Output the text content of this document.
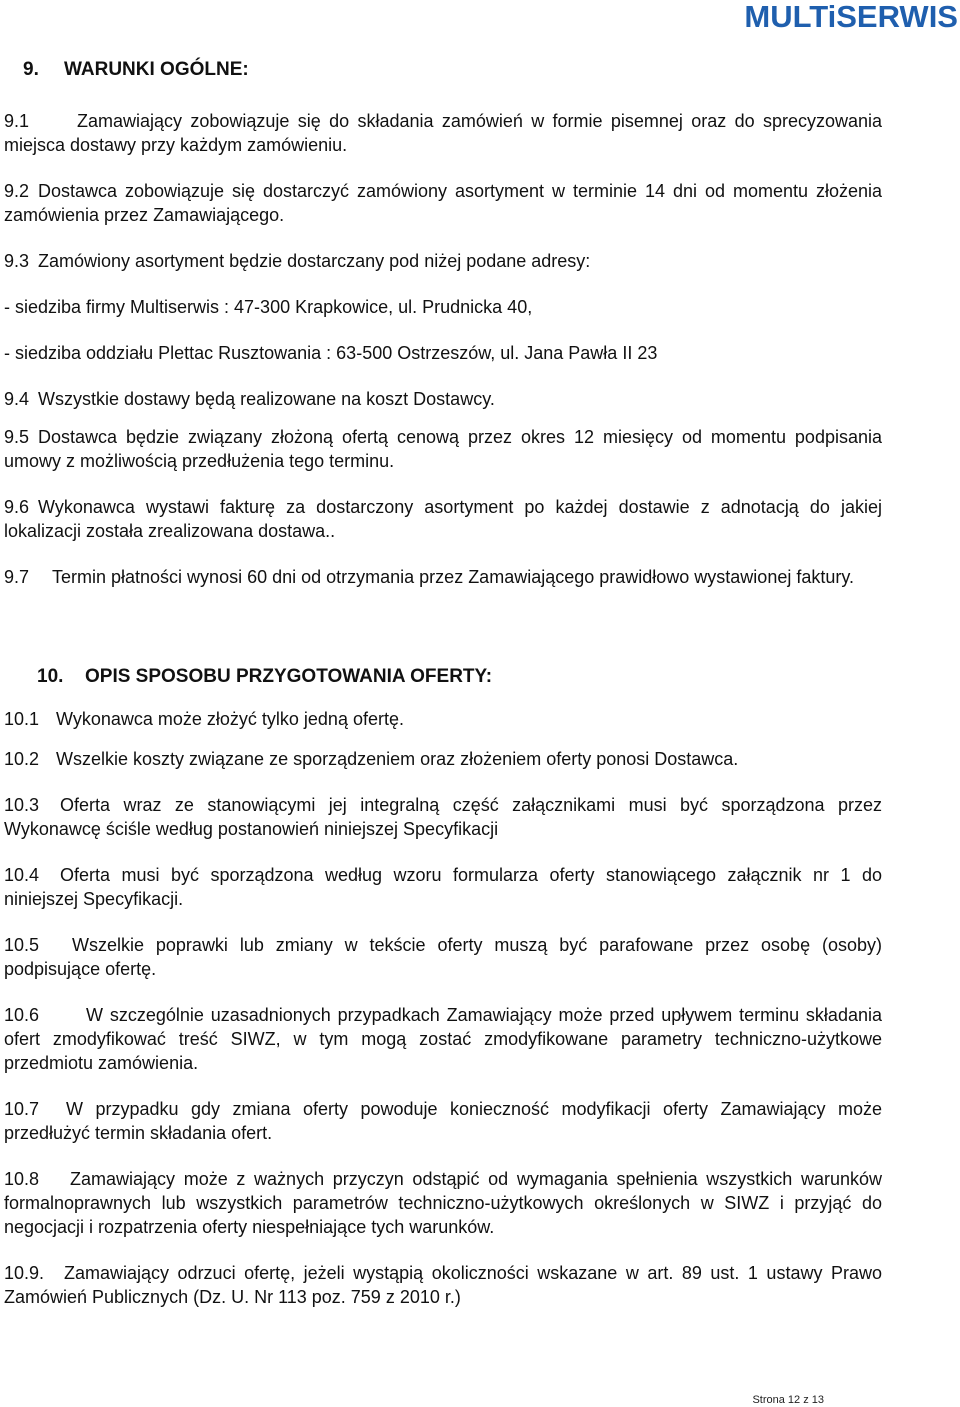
MULTiSERWIS

9. WARUNKI OGÓLNE:

9.1	Zamawiający zobowiązuje się do składania zamówień w formie pisemnej oraz do sprecyzowania miejsca dostawy przy każdym zamówieniu.

9.2 Dostawca zobowiązuje się dostarczyć zamówiony asortyment w terminie 14 dni od momentu złożenia zamówienia przez Zamawiającego.

9.3 Zamówiony asortyment będzie dostarczany pod niżej podane adresy:

- siedziba firmy Multiserwis : 47-300 Krapkowice, ul. Prudnicka 40,

- siedziba oddziału Plettac Rusztowania : 63-500 Ostrzeszów, ul. Jana Pawła II 23

9.4 Wszystkie dostawy będą realizowane na koszt Dostawcy.

9.5 Dostawca będzie związany złożoną ofertą cenową przez okres 12 miesięcy od momentu podpisania umowy z możliwością przedłużenia tego terminu.

9.6 Wykonawca wystawi fakturę za dostarczony asortyment po każdej dostawie z adnotacją do jakiej lokalizacji została zrealizowana dostawa..

9.7 Termin płatności wynosi 60 dni od otrzymania przez Zamawiającego prawidłowo wystawionej faktury.

10. OPIS SPOSOBU PRZYGOTOWANIA OFERTY:

10.1 Wykonawca może złożyć tylko jedną ofertę.

10.2 Wszelkie koszty związane ze sporządzeniem oraz złożeniem oferty ponosi Dostawca.

10.3 Oferta wraz ze stanowiącymi jej integralną część załącznikami musi być sporządzona przez Wykonawcę ściśle według postanowień niniejszej Specyfikacji

10.4 Oferta musi być sporządzona według wzoru formularza oferty stanowiącego załącznik nr 1 do niniejszej Specyfikacji.

10.5 Wszelkie poprawki lub zmiany w tekście oferty muszą być parafowane przez osobę (osoby) podpisujące ofertę.

10.6	W szczególnie uzasadnionych przypadkach Zamawiający może przed upływem terminu składania ofert zmodyfikować treść SIWZ, w tym mogą zostać zmodyfikowane parametry techniczno-użytkowe przedmiotu zamówienia.

10.7 W przypadku gdy zmiana oferty powoduje konieczność modyfikacji oferty Zamawiający może przedłużyć termin składania ofert.

10.8 Zamawiający może z ważnych przyczyn odstąpić od wymagania spełnienia wszystkich warunków formalnoprawnych lub wszystkich parametrów techniczno-użytkowych określonych w SIWZ i przyjąć do negocjacji i rozpatrzenia oferty niespełniające tych warunków.

10.9. Zamawiający odrzuci ofertę, jeżeli wystąpią okoliczności wskazane w art. 89 ust. 1 ustawy Prawo Zamówień Publicznych (Dz. U. Nr 113 poz. 759 z 2010 r.)

Strona 12 z 13
